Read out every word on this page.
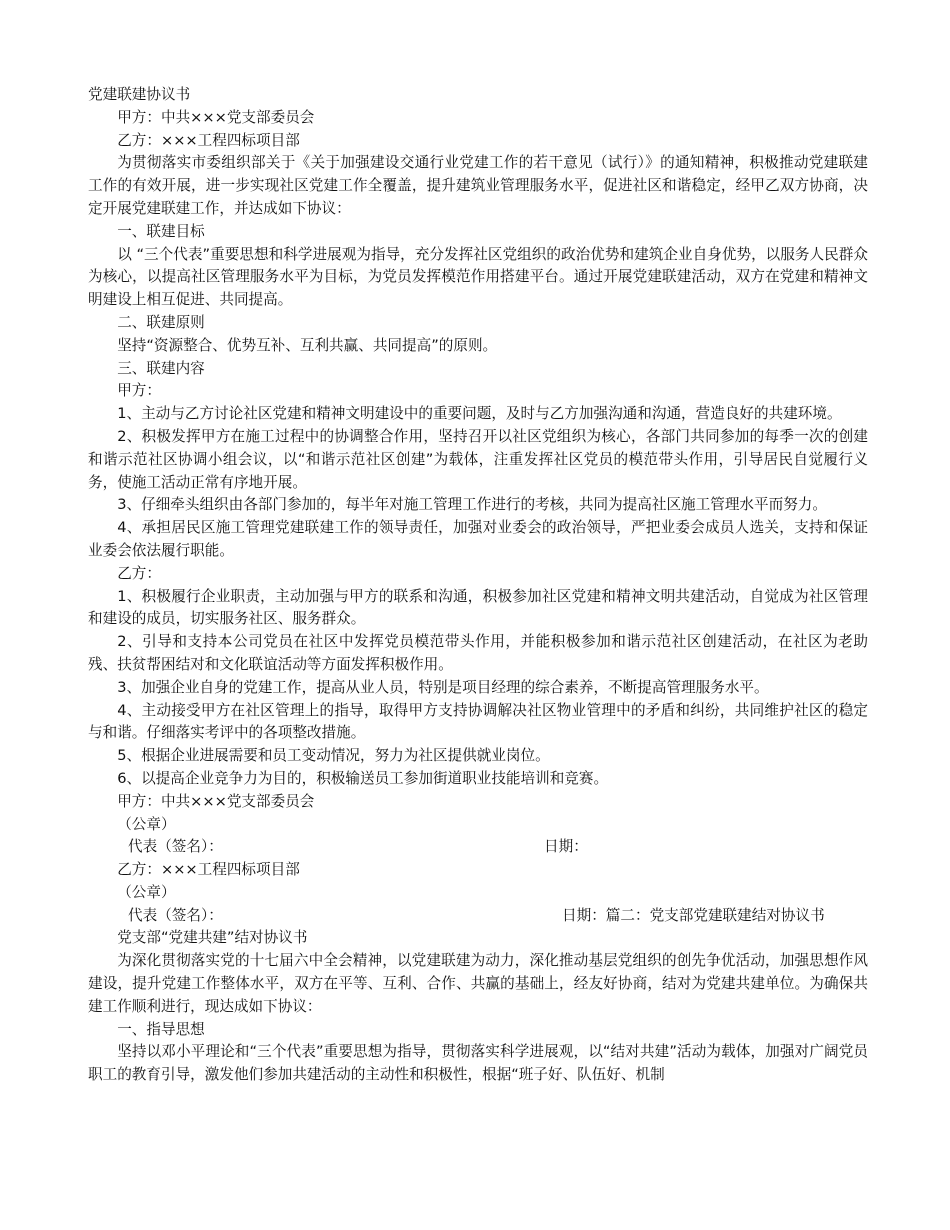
党建联建协议书
甲方：中共×××党支部委员会
乙方：×××工程四标项目部

为贯彻落实市委组织部关于《关于加强建设交通行业党建工作的若干意见（试行）》的通知精神，积极推动党建联建工作的有效开展，进一步实现社区党建工作全覆盖，提升建筑业管理服务水平，促进社区和谐稳定，经甲乙双方协商，决定开展党建联建工作，并达成如下协议：

一、联建目标

以 “三个代表”重要思想和科学进展观为指导，充分发挥社区党组织的政治优势和建筑企业自身优势，以服务人民群众为核心，以提高社区管理服务水平为目标，为党员发挥模范作用搭建平台。通过开展党建联建活动，双方在党建和精神文明建设上相互促进、共同提高。

二、联建原则

坚持“资源整合、优势互补、互利共赢、共同提高”的原则。

三、联建内容
甲方：

1、主动与乙方讨论社区党建和精神文明建设中的重要问题，及时与乙方加强沟通和沟通，营造良好的共建环境。

2、积极发挥甲方在施工过程中的协调整合作用，坚持召开以社区党组织为核心，各部门共同参加的每季一次的创建和谐示范社区协调小组会议，以“和谐示范社区创建”为载体，注重发挥社区党员的模范带头作用，引导居民自觉履行义务，使施工活动正常有序地开展。

3、仔细牵头组织由各部门参加的，每半年对施工管理工作进行的考核，共同为提高社区施工管理水平而努力。

4、承担居民区施工管理党建联建工作的领导责任，加强对业委会的政治领导，严把业委会成员人选关，支持和保证业委会依法履行职能。

乙方：

1、积极履行企业职责，主动加强与甲方的联系和沟通，积极参加社区党建和精神文明共建活动，自觉成为社区管理和建设的成员，切实服务社区、服务群众。

2、引导和支持本公司党员在社区中发挥党员模范带头作用，并能积极参加和谐示范社区创建活动，在社区为老助残、扶贫帮困结对和文化联谊活动等方面发挥积极作用。

3、加强企业自身的党建工作，提高从业人员，特别是项目经理的综合素养，不断提高管理服务水平。

4、主动接受甲方在社区管理上的指导，取得甲方支持协调解决社区物业管理中的矛盾和纠纷，共同维护社区的稳定与和谐。仔细落实考评中的各项整改措施。

5、根据企业进展需要和员工变动情况，努力为社区提供就业岗位。

6、以提高企业竞争力为目的，积极输送员工参加街道职业技能培训和竞赛。

甲方：中共×××党支部委员会
（公章）
代表（签名）：	日期：
乙方：×××工程四标项目部
（公章）
代表（签名）：	日期：篇二：党支部党建联建结对协议书
党支部“党建共建”结对协议书

为深化贯彻落实党的十七届六中全会精神，以党建联建为动力，深化推动基层党组织的创先争优活动，加强思想作风建设，提升党建工作整体水平，双方在平等、互利、合作、共赢的基础上，经友好协商，结对为党建共建单位。为确保共建工作顺利进行，现达成如下协议：

一、指导思想

坚持以邓小平理论和“三个代表”重要思想为指导，贯彻落实科学进展观，以“结对共建”活动为载体，加强对广阔党员职工的教育引导，激发他们参加共建活动的主动性和积极性，根据“班子好、队伍好、机制
